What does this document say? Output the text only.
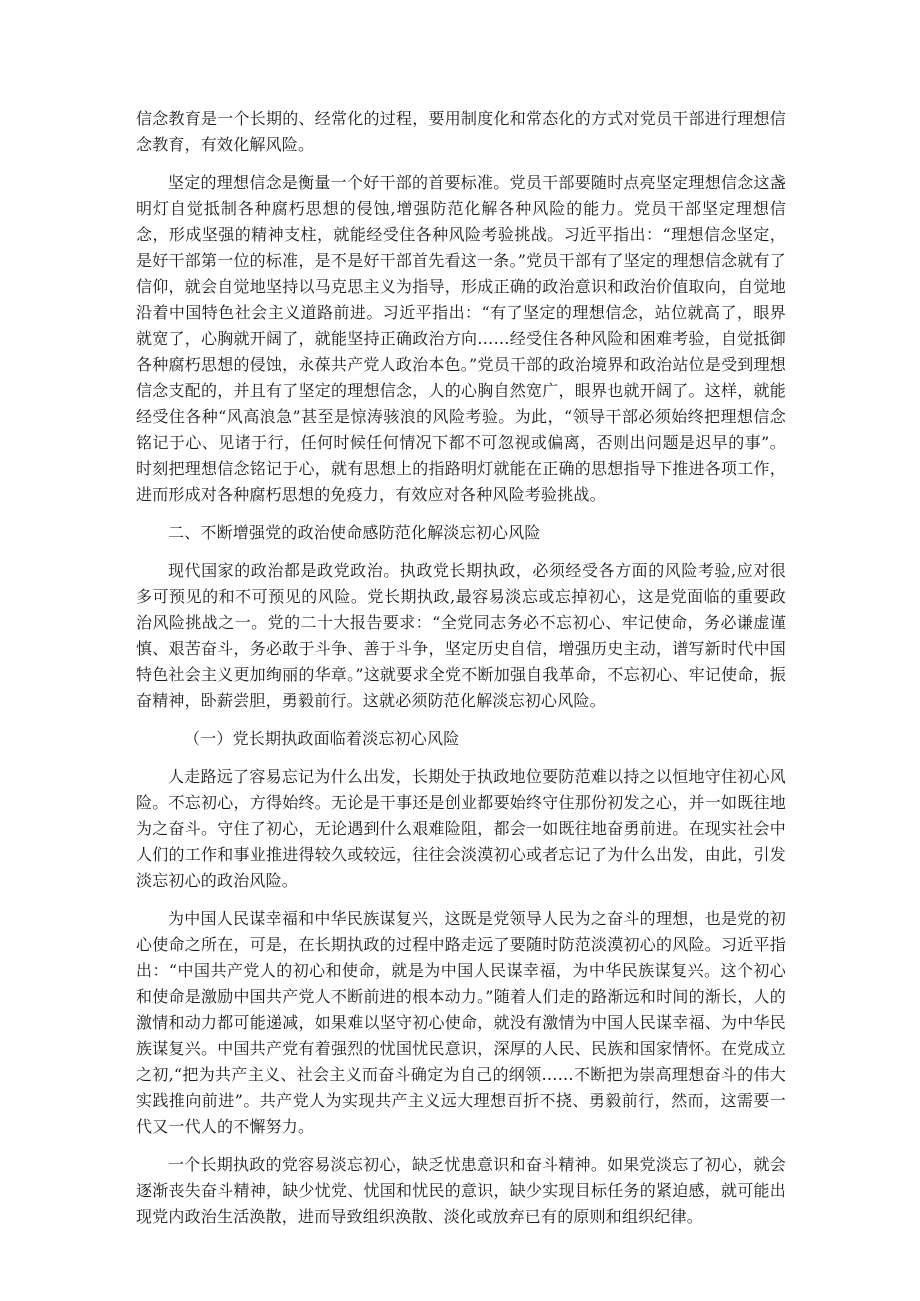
信念教育是一个长期的、经常化的过程，要用制度化和常态化的方式对党员干部进行理想信念教育，有效化解风险。

坚定的理想信念是衡量一个好干部的首要标准。党员干部要随时点亮坚定理想信念这盏明灯自觉抵制各种腐朽思想的侵蚀,增强防范化解各种风险的能力。党员干部坚定理想信念，形成坚强的精神支柱，就能经受住各种风险考验挑战。习近平指出：“理想信念坚定，是好干部第一位的标准，是不是好干部首先看这一条。”党员干部有了坚定的理想信念就有了信仰，就会自觉地坚持以马克思主义为指导，形成正确的政治意识和政治价值取向，自觉地沿着中国特色社会主义道路前进。习近平指出：“有了坚定的理想信念，站位就高了，眼界就宽了，心胸就开阔了，就能坚持正确政治方向……经受住各种风险和困难考验，自觉抵御各种腐朽思想的侵蚀，永葆共产党人政治本色。”党员干部的政治境界和政治站位是受到理想信念支配的，并且有了坚定的理想信念，人的心胸自然宽广，眼界也就开阔了。这样，就能经受住各种“风高浪急”甚至是惊涛骇浪的风险考验。为此，“领导干部必须始终把理想信念铭记于心、见诸于行，任何时候任何情况下都不可忽视或偏离，否则出问题是迟早的事”。时刻把理想信念铭记于心，就有思想上的指路明灯就能在正确的思想指导下推进各项工作，进而形成对各种腐朽思想的免疫力，有效应对各种风险考验挑战。

二、不断增强党的政治使命感防范化解淡忘初心风险

现代国家的政治都是政党政治。执政党长期执政，必须经受各方面的风险考验,应对很多可预见的和不可预见的风险。党长期执政,最容易淡忘或忘掉初心，这是党面临的重要政治风险挑战之一。党的二十大报告要求：“全党同志务必不忘初心、牢记使命，务必谦虚谨慎、艰苦奋斗，务必敢于斗争、善于斗争，坚定历史自信，增强历史主动，谱写新时代中国特色社会主义更加绚丽的华章。”这就要求全党不断加强自我革命，不忘初心、牢记使命，振奋精神，卧薪尝胆，勇毅前行。这就必须防范化解淡忘初心风险。

（一）党长期执政面临着淡忘初心风险

人走路远了容易忘记为什么出发，长期处于执政地位要防范难以持之以恒地守住初心风险。不忘初心，方得始终。无论是干事还是创业都要始终守住那份初发之心，并一如既往地为之奋斗。守住了初心，无论遇到什么艰难险阻，都会一如既往地奋勇前进。在现实社会中人们的工作和事业推进得较久或较远，往往会淡漠初心或者忘记了为什么出发，由此，引发淡忘初心的政治风险。

为中国人民谋幸福和中华民族谋复兴，这既是党领导人民为之奋斗的理想，也是党的初心使命之所在，可是，在长期执政的过程中路走远了要随时防范淡漠初心的风险。习近平指出：“中国共产党人的初心和使命，就是为中国人民谋幸福，为中华民族谋复兴。这个初心和使命是激励中国共产党人不断前进的根本动力。”随着人们走的路渐远和时间的渐长，人的激情和动力都可能递减，如果难以坚守初心使命，就没有激情为中国人民谋幸福、为中华民族谋复兴。中国共产党有着强烈的忧国忧民意识，深厚的人民、民族和国家情怀。在党成立之初,“把为共产主义、社会主义而奋斗确定为自己的纲领……不断把为崇高理想奋斗的伟大实践推向前进”。共产党人为实现共产主义远大理想百折不挠、勇毅前行，然而，这需要一代又一代人的不懈努力。

一个长期执政的党容易淡忘初心，缺乏忧患意识和奋斗精神。如果党淡忘了初心，就会逐渐丧失奋斗精神，缺少忧党、忧国和忧民的意识，缺少实现目标任务的紧迫感，就可能出现党内政治生活涣散，进而导致组织涣散、淡化或放弃已有的原则和组织纪律。
